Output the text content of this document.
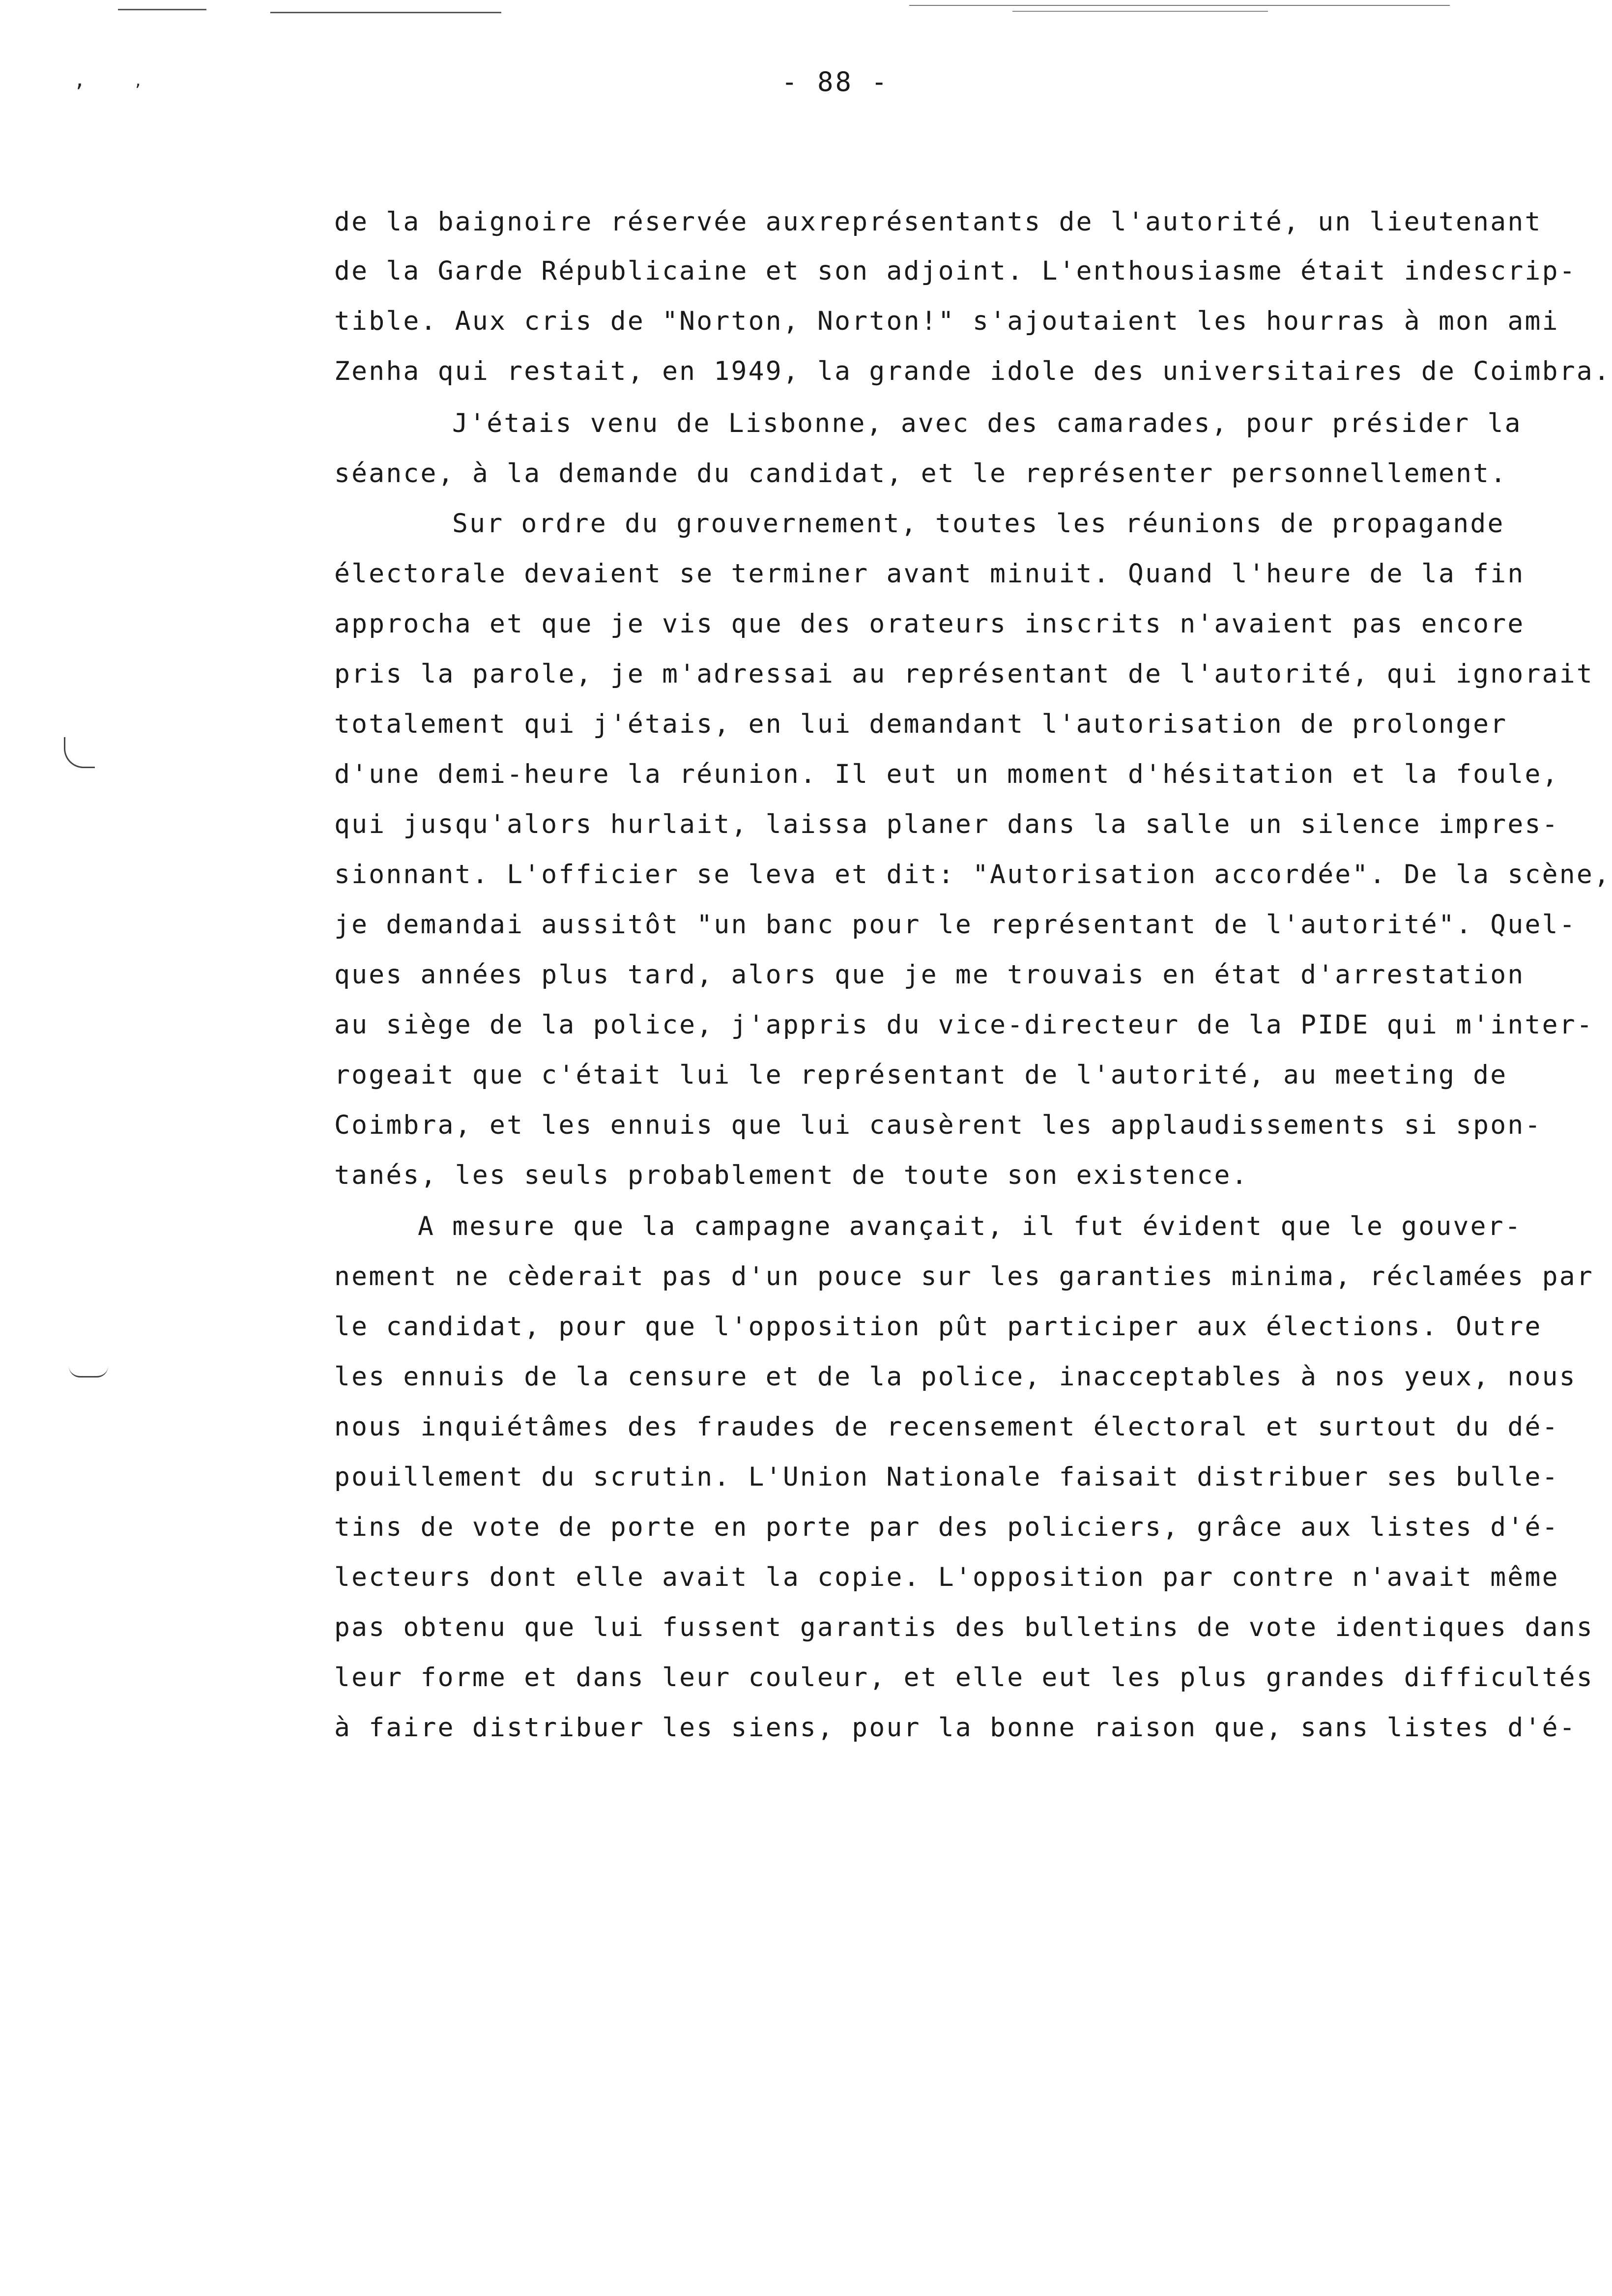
,	,	- 88 -
de la baignoire réservée auxreprésentants de l'autorité, un lieutenant
de la Garde Républicaine et son adjoint. L'enthousiasme était indescrip-
tible. Aux cris de "Norton, Norton!" s'ajoutaient les hourras à mon ami
Zenha qui restait, en 1949, la grande idole des universitaires de Coimbra.
J'étais venu de Lisbonne, avec des camarades, pour présider la
séance, à la demande du candidat, et le représenter personnellement.
Sur ordre du grouvernement, toutes les réunions de propagande
électorale devaient se terminer avant minuit. Quand l'heure de la fin
approcha et que je vis que des orateurs inscrits n'avaient pas encore
pris la parole, je m'adressai au représentant de l'autorité, qui ignorait
totalement qui j'étais, en lui demandant l'autorisation de prolonger
d'une demi-heure la réunion. Il eut un moment d'hésitation et la foule,
qui jusqu'alors hurlait, laissa planer dans la salle un silence impres-
sionnant. L'officier se leva et dit: "Autorisation accordée". De la scène,
je demandai aussitôt "un banc pour le représentant de l'autorité". Quel-
ques années plus tard, alors que je me trouvais en état d'arrestation
au siège de la police, j'appris du vice-directeur de la PIDE qui m'inter-
rogeait que c'était lui le représentant de l'autorité, au meeting de
Coimbra, et les ennuis que lui causèrent les applaudissements si spon-
tanés, les seuls probablement de toute son existence.
A mesure que la campagne avançait, il fut évident que le gouver-
nement ne cèderait pas d'un pouce sur les garanties minima, réclamées par
le candidat, pour que l'opposition pût participer aux élections. Outre
les ennuis de la censure et de la police, inacceptables à nos yeux, nous
nous inquiétâmes des fraudes de recensement électoral et surtout du dé-
pouillement du scrutin. L'Union Nationale faisait distribuer ses bulle-
tins de vote de porte en porte par des policiers, grâce aux listes d'é-
lecteurs dont elle avait la copie. L'opposition par contre n'avait même
pas obtenu que lui fussent garantis des bulletins de vote identiques dans
leur forme et dans leur couleur, et elle eut les plus grandes difficultés
à faire distribuer les siens, pour la bonne raison que, sans listes d'é-
